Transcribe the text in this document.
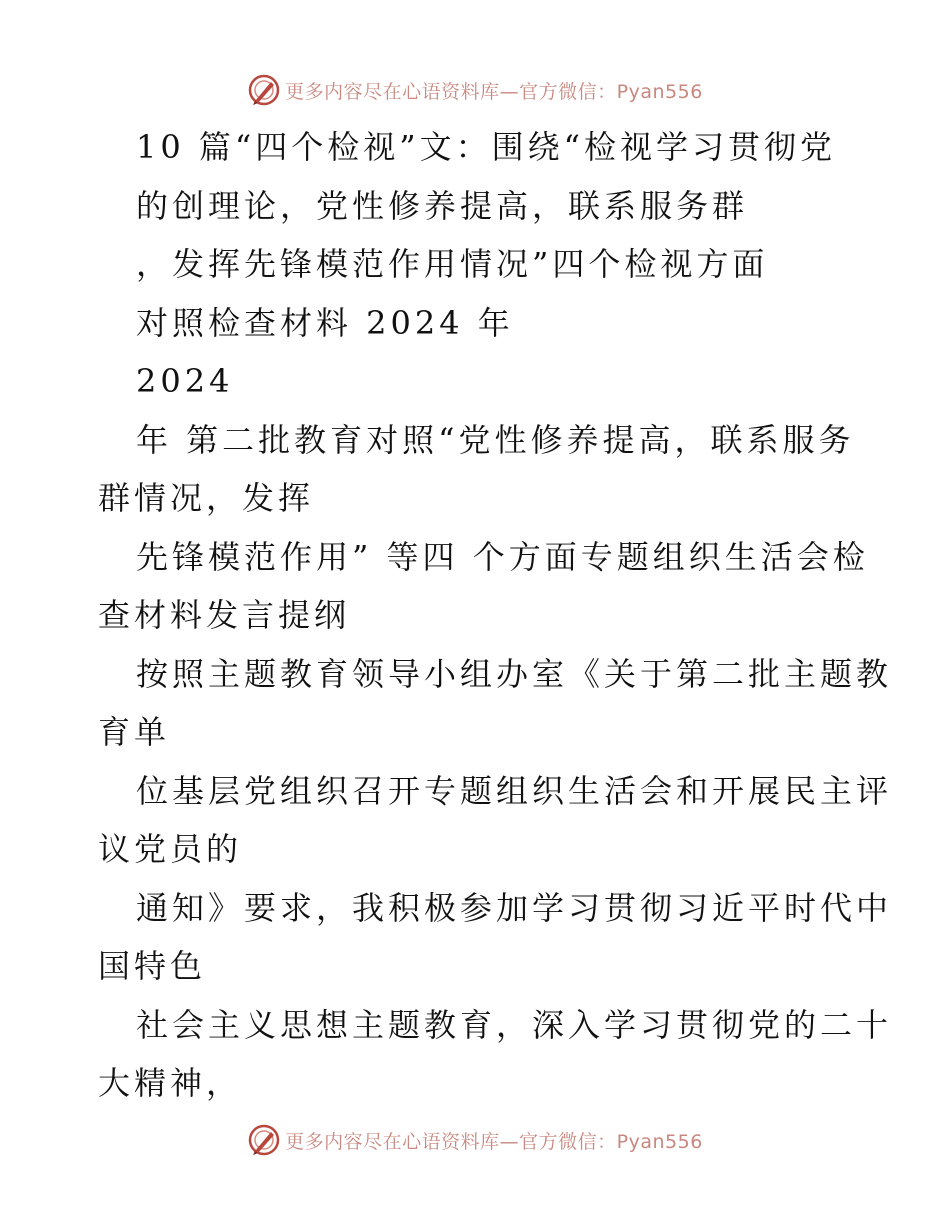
更多内容尽在心语资料库—官方微信：Pyan556
10 篇“四个检视”文：围绕“检视学习贯彻党
的创理论，党性修养提高，联系服务群
，发挥先锋模范作用情况”四个检视方面
对照检查材料 2024 年
2024
年 第二批教育对照“党性修养提高，联系服务
群情况，发挥
先锋模范作用” 等四 个方面专题组织生活会检
查材料发言提纲
按照主题教育领导小组办室《关于第二批主题教
育单
位基层党组织召开专题组织生活会和开展民主评
议党员的
通知》要求，我积极参加学习贯彻习近平时代中
国特色
社会主义思想主题教育，深入学习贯彻党的二十
大精神，
更多内容尽在心语资料库—官方微信：Pyan556
